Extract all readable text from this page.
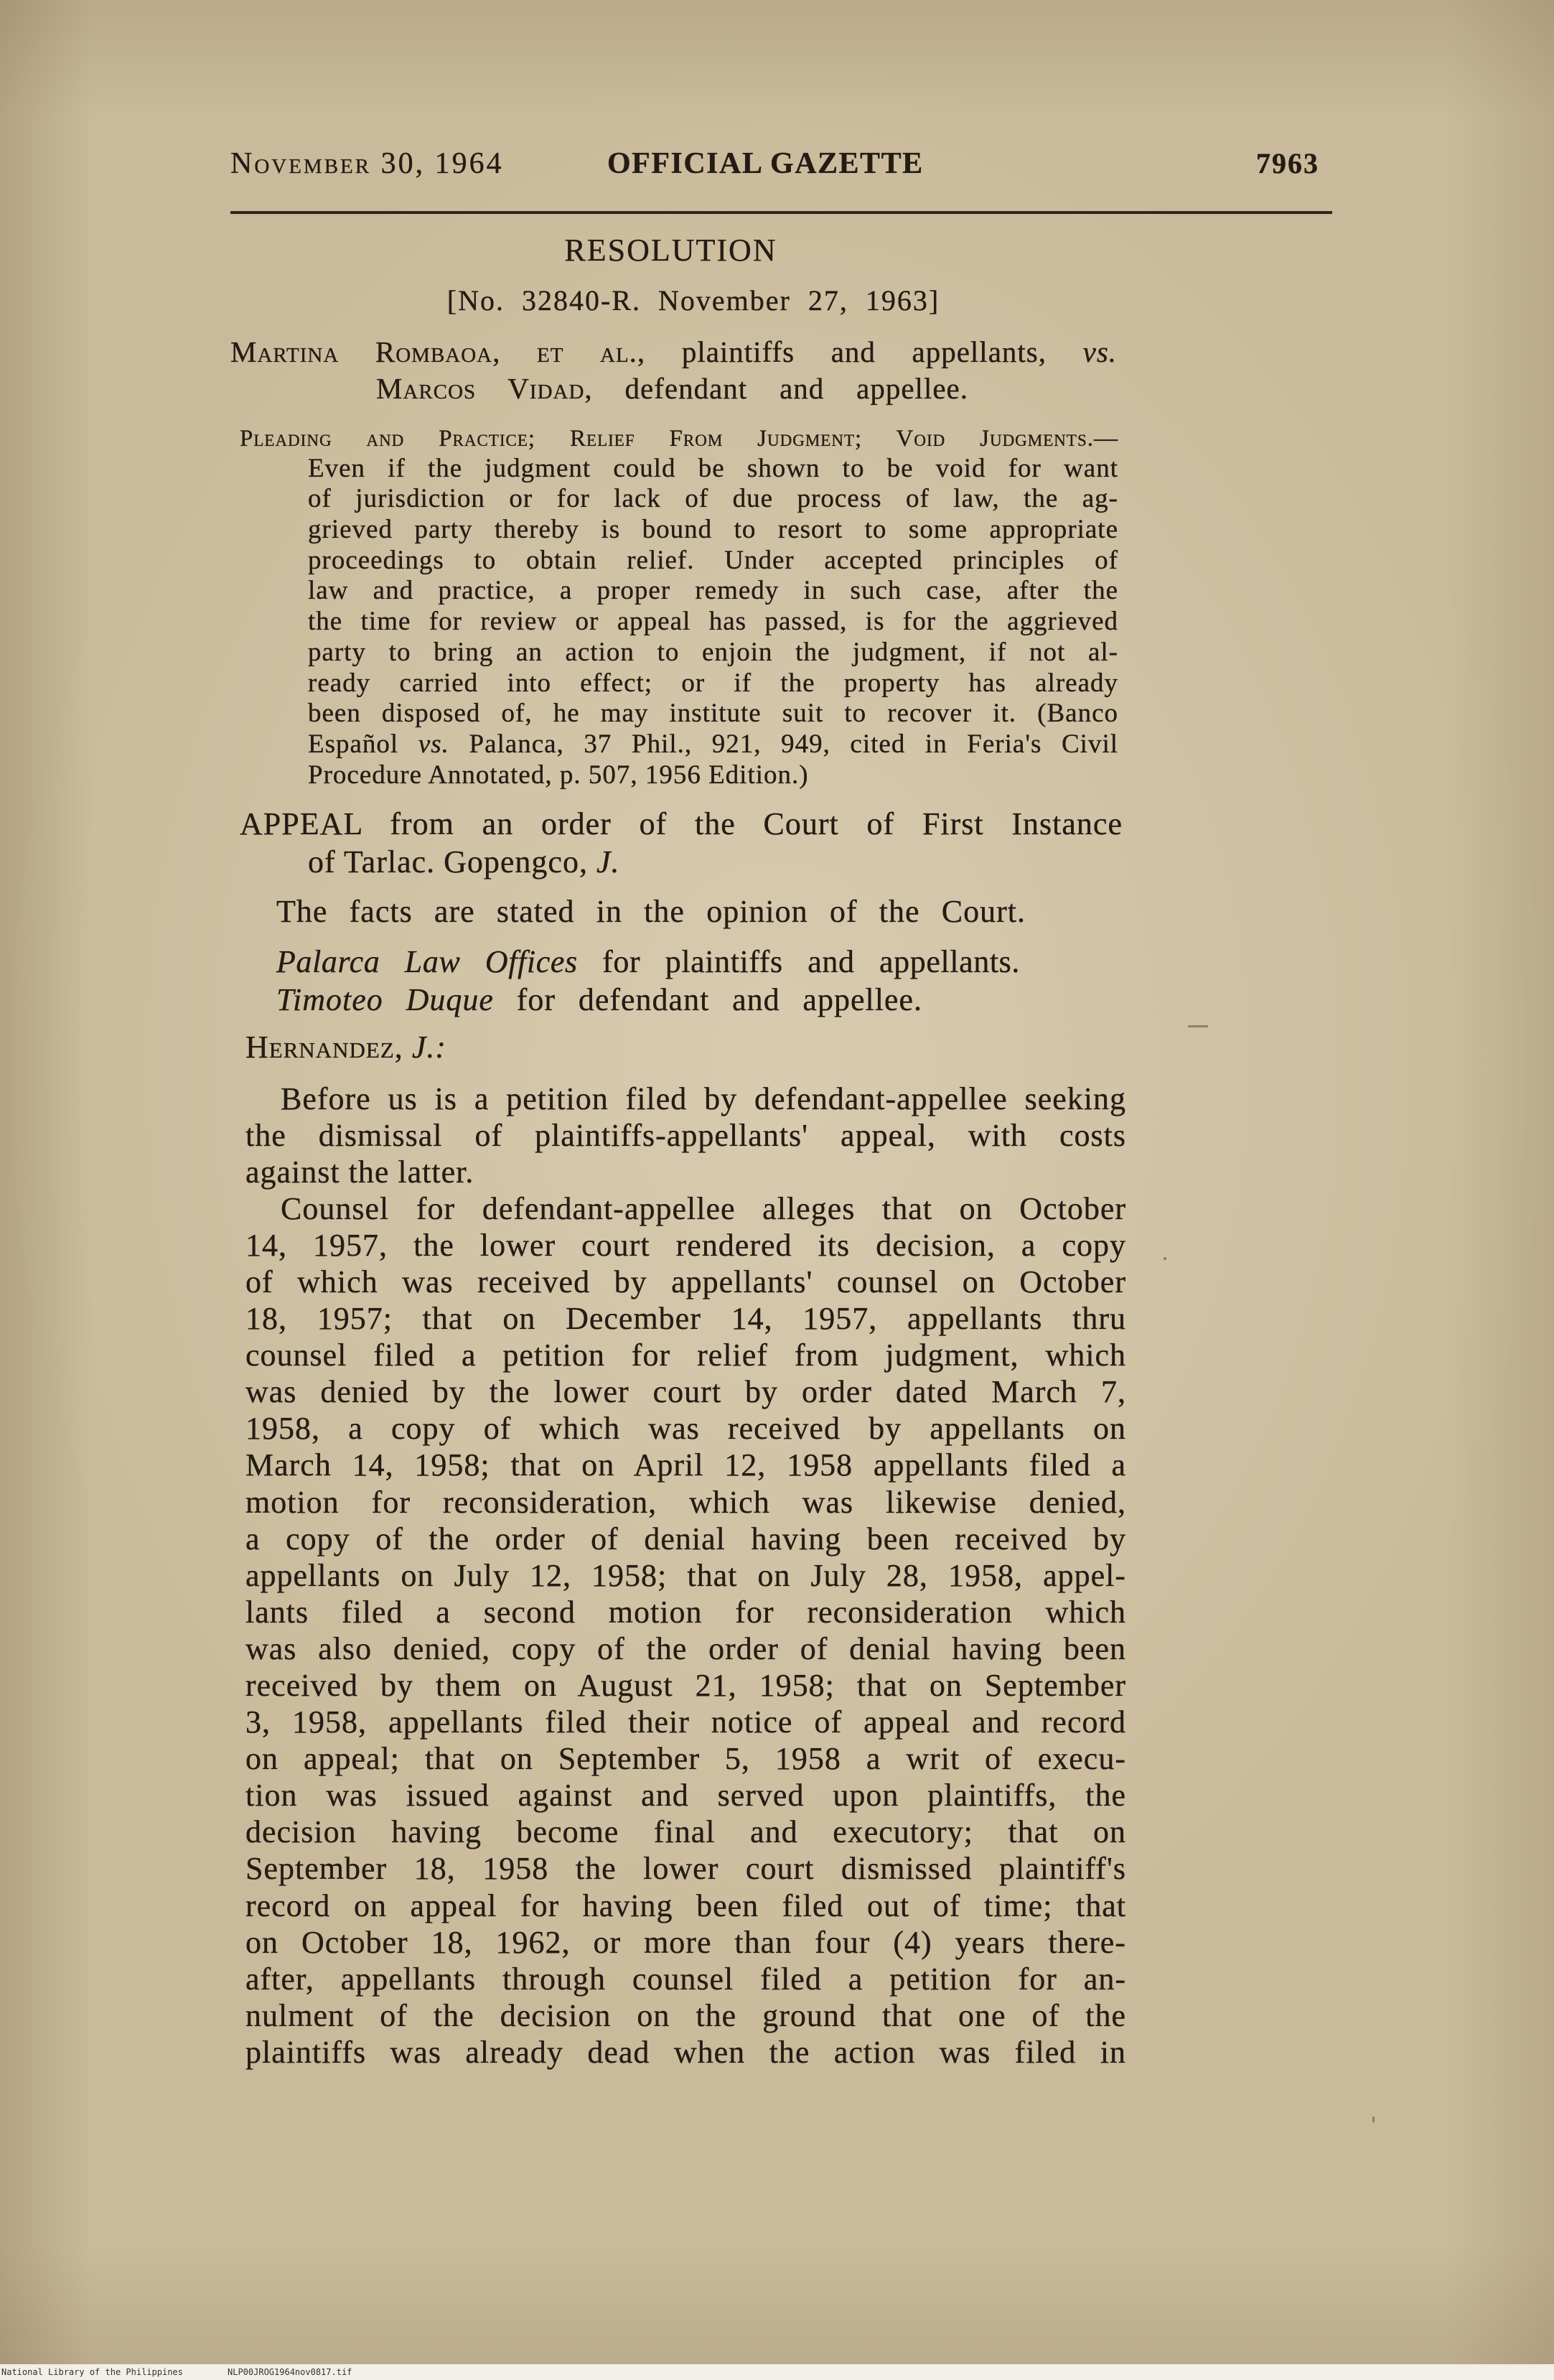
November 30, 1964	OFFICIAL GAZETTE	7963
RESOLUTION
[No. 32840-R. November 27, 1963]
Martina Rombaoa, et al., plaintiffs and appellants, vs.
Marcos Vidad, defendant and appellee.
Pleading and Practice; Relief From Judgment; Void Judgments.—
Even if the judgment could be shown to be void for want
of jurisdiction or for lack of due process of law, the ag-
grieved party thereby is bound to resort to some appropriate
proceedings to obtain relief. Under accepted principles of
law and practice, a proper remedy in such case, after the
the time for review or appeal has passed, is for the aggrieved
party to bring an action to enjoin the judgment, if not al-
ready carried into effect; or if the property has already
been disposed of, he may institute suit to recover it. (Banco
Español vs. Palanca, 37 Phil., 921, 949, cited in Feria's Civil
Procedure Annotated, p. 507, 1956 Edition.)
APPEAL from an order of the Court of First Instance
of Tarlac. Gopengco, J.
The facts are stated in the opinion of the Court.
Palarca Law Offices for plaintiffs and appellants.
Timoteo Duque for defendant and appellee.
Hernandez, J.:
Before us is a petition filed by defendant-appellee seeking
the dismissal of plaintiffs-appellants' appeal, with costs
against the latter.
Counsel for defendant-appellee alleges that on October
14, 1957, the lower court rendered its decision, a copy
of which was received by appellants' counsel on October
18, 1957; that on December 14, 1957, appellants thru
counsel filed a petition for relief from judgment, which
was denied by the lower court by order dated March 7,
1958, a copy of which was received by appellants on
March 14, 1958; that on April 12, 1958 appellants filed a
motion for reconsideration, which was likewise denied,
a copy of the order of denial having been received by
appellants on July 12, 1958; that on July 28, 1958, appel-
lants filed a second motion for reconsideration which
was also denied, copy of the order of denial having been
received by them on August 21, 1958; that on September
3, 1958, appellants filed their notice of appeal and record
on appeal; that on September 5, 1958 a writ of execu-
tion was issued against and served upon plaintiffs, the
decision having become final and executory; that on
September 18, 1958 the lower court dismissed plaintiff's
record on appeal for having been filed out of time; that
on October 18, 1962, or more than four (4) years there-
after, appellants through counsel filed a petition for an-
nulment of the decision on the ground that one of the
plaintiffs was already dead when the action was filed in
National Library of the Philippines	NLP00JROG1964nov0817.tif
